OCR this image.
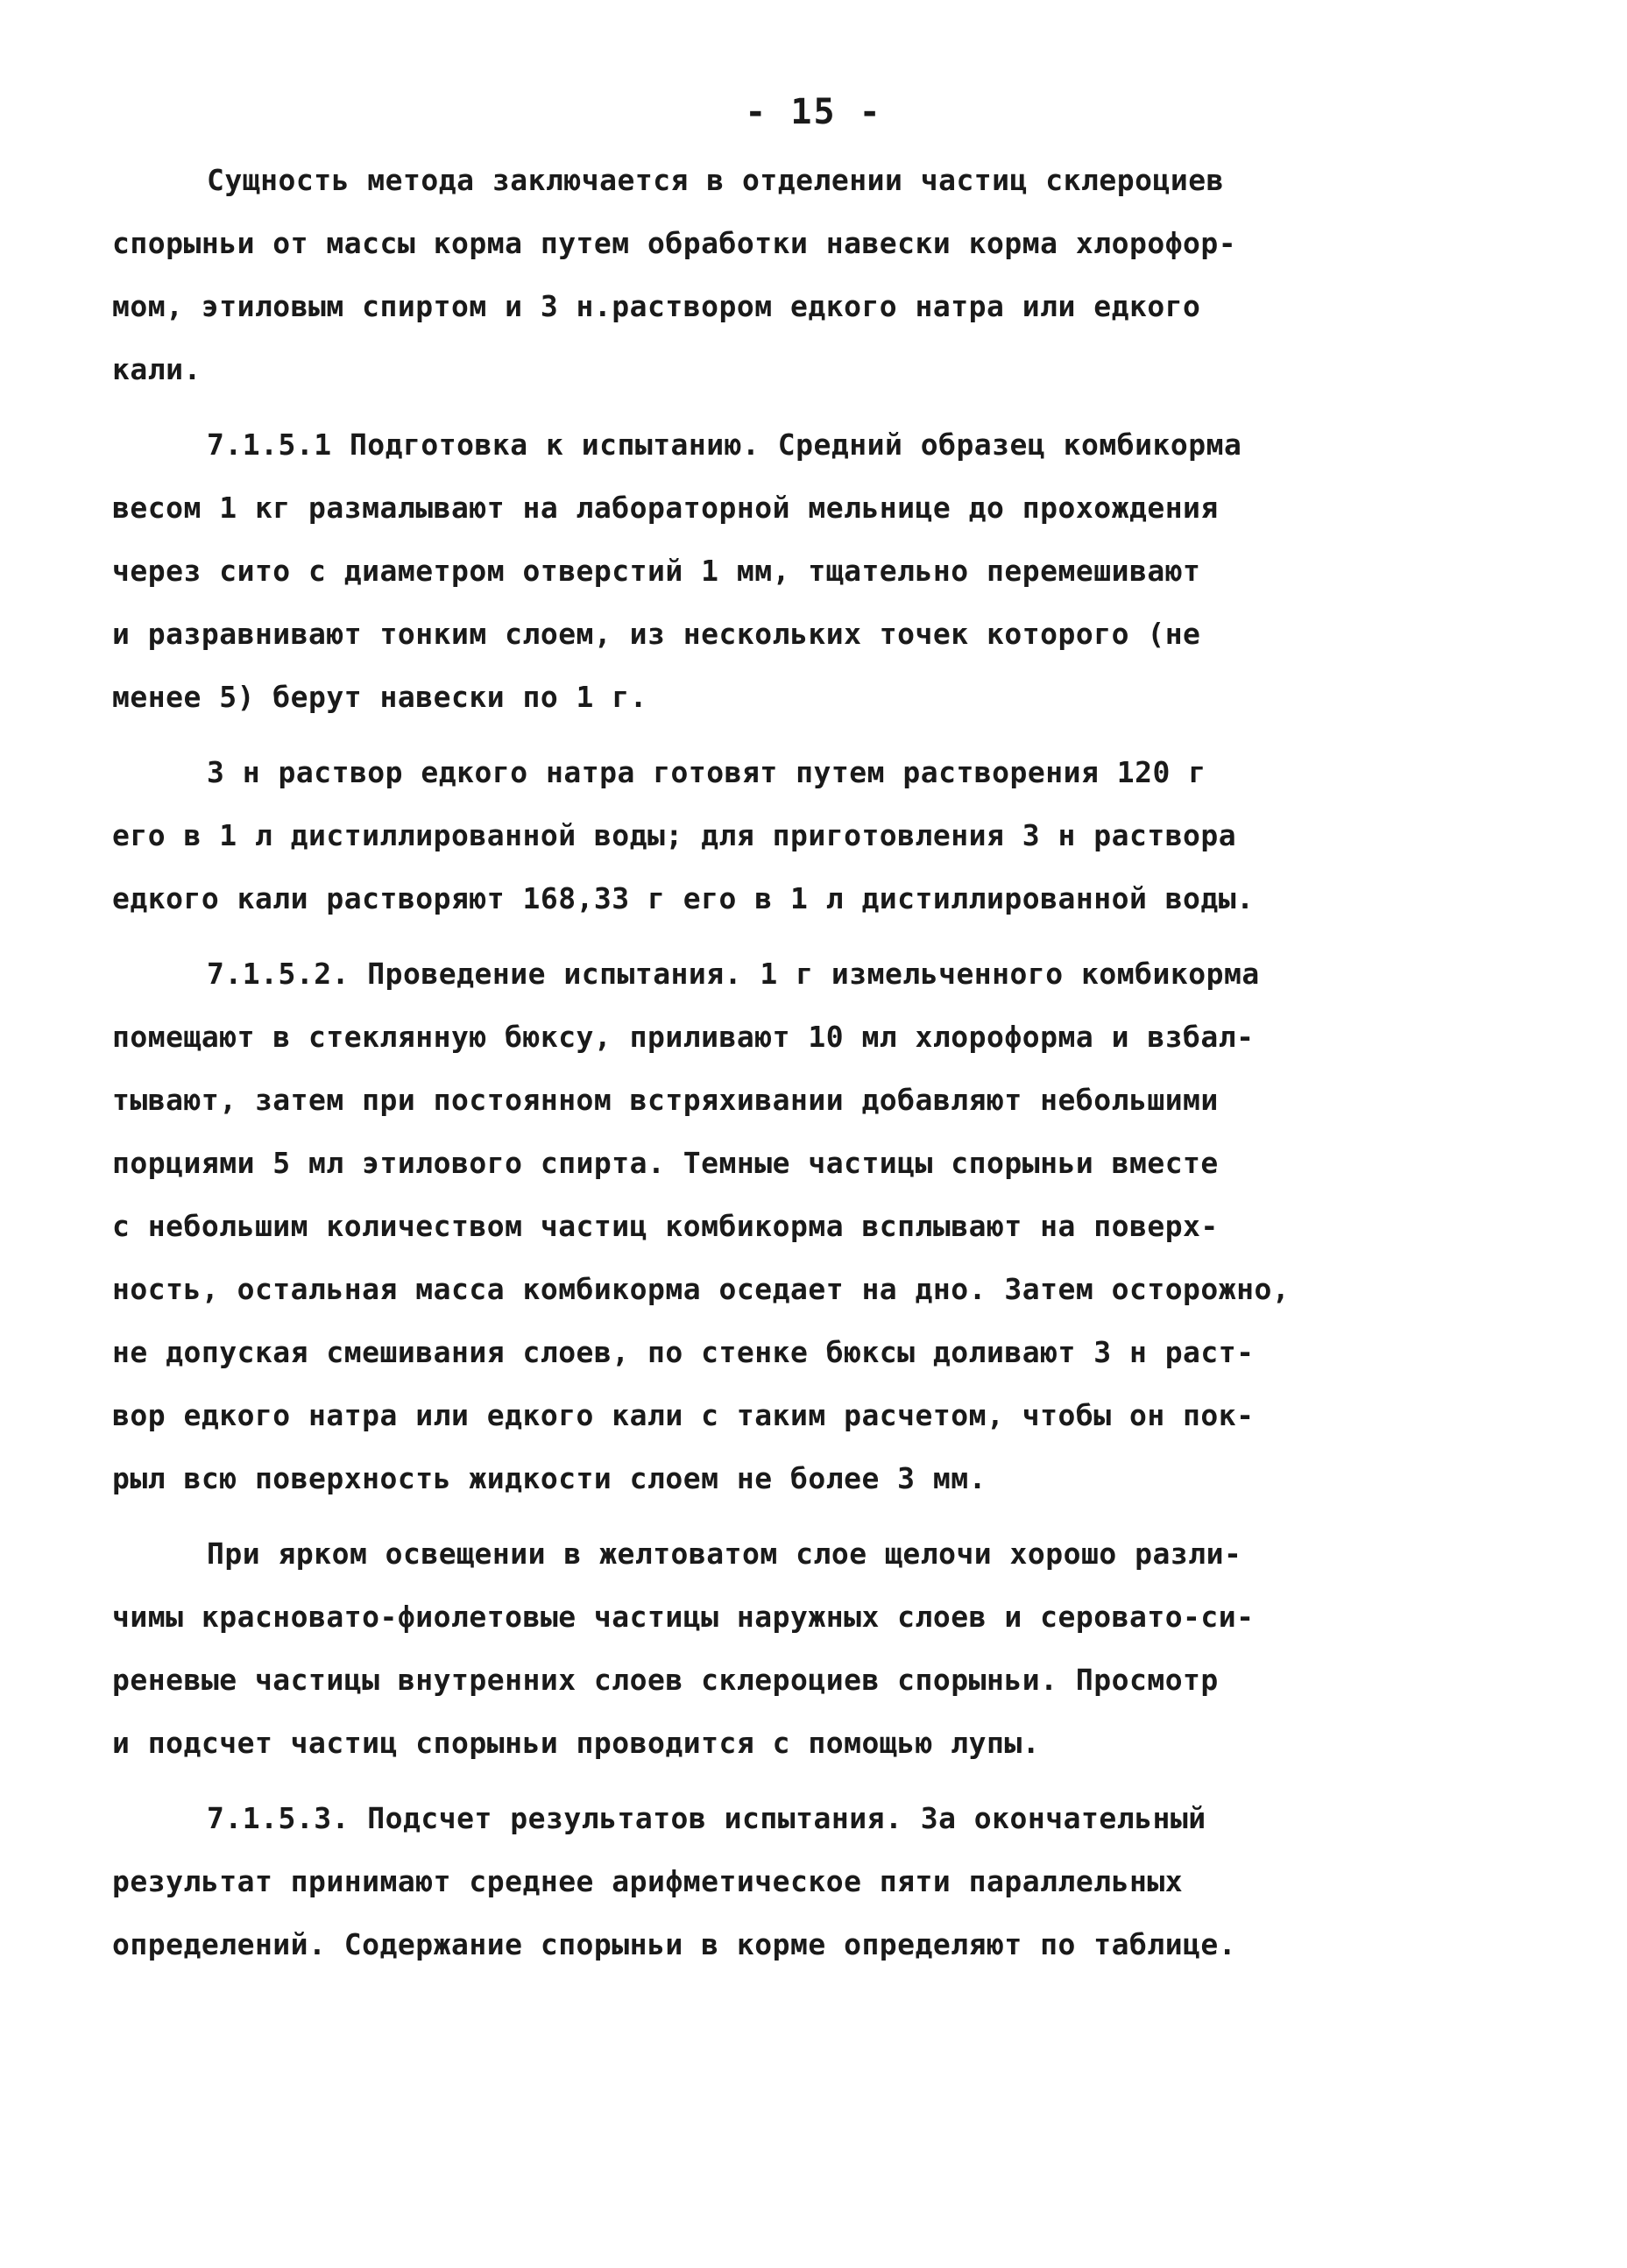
- 15 -
Сущность метода заключается в отделении частиц склероциев
спорыньи от массы корма путем обработки навески корма хлорофор-
мом, этиловым спиртом и 3 н.раствором едкого натра или едкого
кали.
7.1.5.1 Подготовка к испытанию. Средний образец комбикорма
весом 1 кг размалывают на лабораторной мельнице до прохождения
через сито с диаметром отверстий 1 мм, тщательно перемешивают
и разравнивают тонким слоем, из нескольких точек которого (не
менее 5) берут навески по 1 г.
3 н раствор едкого натра готовят путем растворения 120 г
его в 1 л дистиллированной воды; для приготовления 3 н раствора
едкого кали растворяют 168,33 г его в 1 л дистиллированной воды.
7.1.5.2. Проведение испытания. 1 г измельченного комбикорма
помещают в стеклянную бюксу, приливают 10 мл хлороформа и взбал-
тывают, затем при постоянном встряхивании добавляют небольшими
порциями 5 мл этилового спирта. Темные частицы спорыньи вместе
с небольшим количеством частиц комбикорма всплывают на поверх-
ность, остальная масса комбикорма оседает на дно. Затем осторожно,
не допуская смешивания слоев, по стенке бюксы доливают 3 н раст-
вор едкого натра или едкого кали с таким расчетом, чтобы он пок-
рыл всю поверхность жидкости слоем не более 3 мм.
При ярком освещении в желтоватом слое щелочи хорошо разли-
чимы красновато-фиолетовые частицы наружных слоев и серовато-си-
реневые частицы внутренних слоев склероциев спорыньи. Просмотр
и подсчет частиц спорыньи проводится с помощью лупы.
7.1.5.3. Подсчет результатов испытания. За окончательный
результат принимают среднее арифметическое пяти параллельных
определений. Содержание спорыньи в корме определяют по таблице.
